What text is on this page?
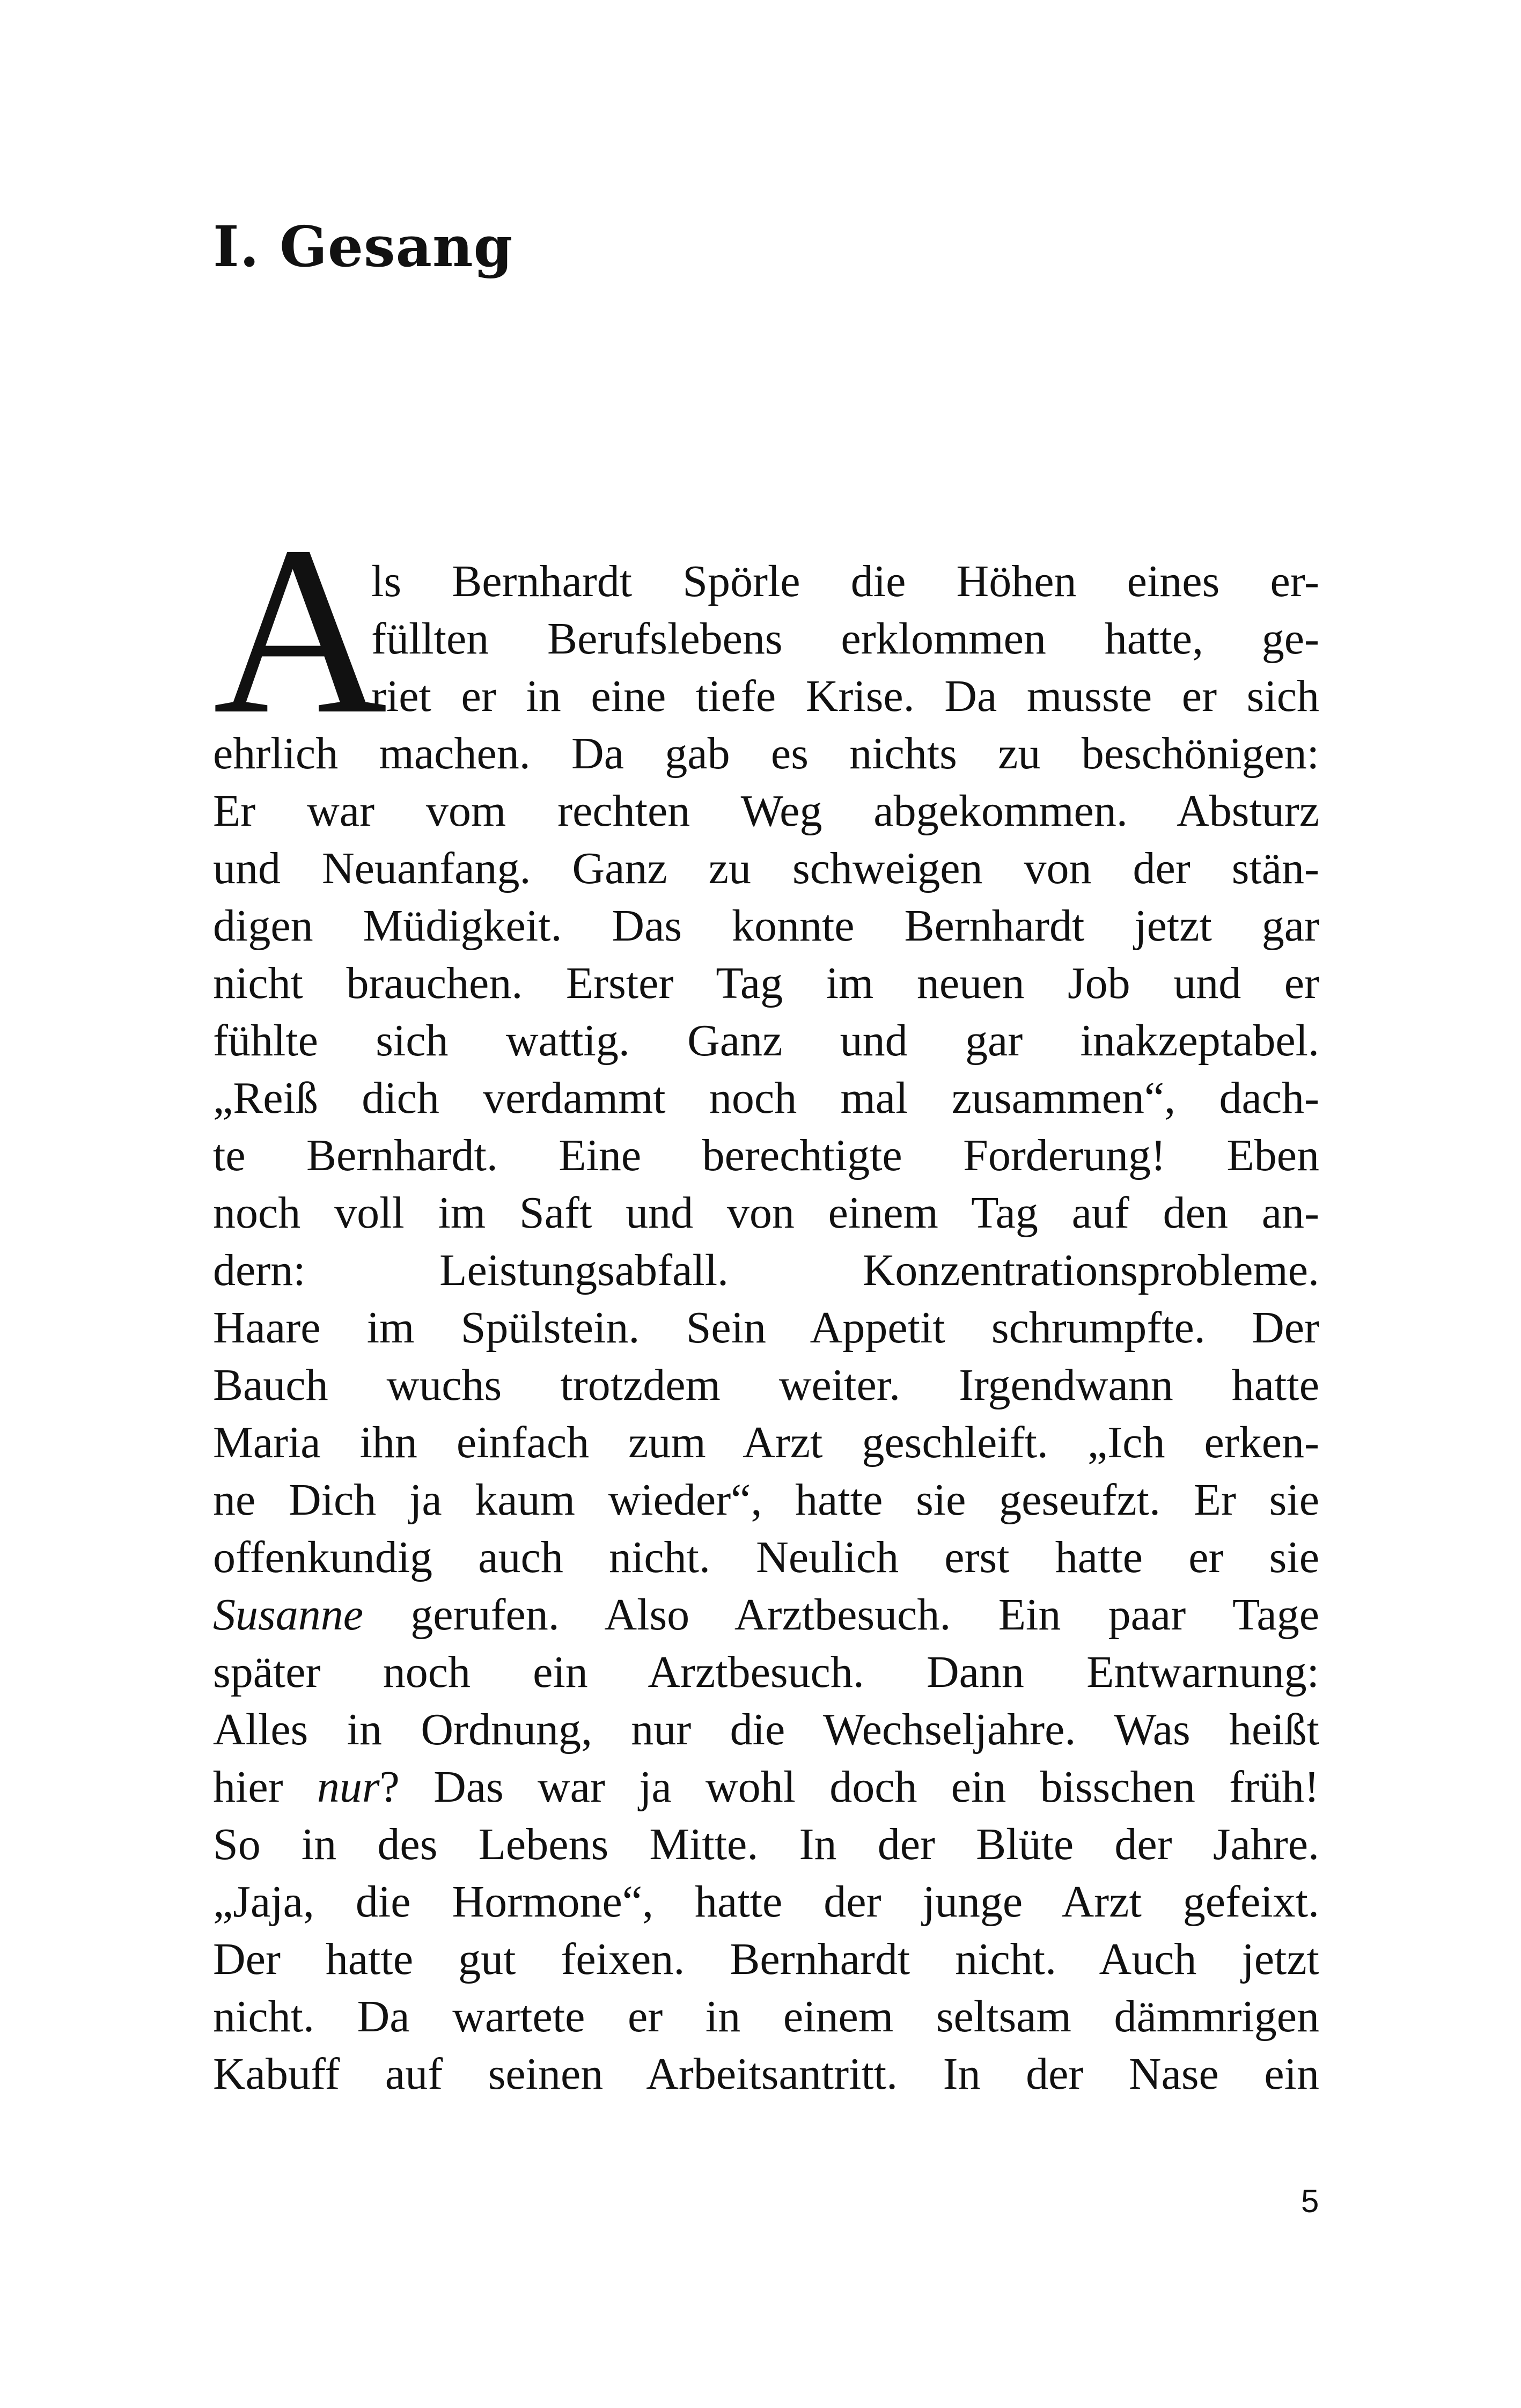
I. Gesang
A
ls Bernhardt Spörle die Höhen eines er-
füllten Berufslebens erklommen hatte, ge-
riet er in eine tiefe Krise. Da musste er sich
ehrlich machen. Da gab es nichts zu beschönigen:
Er war vom rechten Weg abgekommen. Absturz
und Neuanfang. Ganz zu schweigen von der stän-
digen Müdigkeit. Das konnte Bernhardt jetzt gar
nicht brauchen. Erster Tag im neuen Job und er
fühlte sich wattig. Ganz und gar inakzeptabel.
„Reiß dich verdammt noch mal zusammen“, dach-
te Bernhardt. Eine berechtigte Forderung! Eben
noch voll im Saft und von einem Tag auf den an-
dern: Leistungsabfall. Konzentrationsprobleme.
Haare im Spülstein. Sein Appetit schrumpfte. Der
Bauch wuchs trotzdem weiter. Irgendwann hatte
Maria ihn einfach zum Arzt geschleift. „Ich erken-
ne Dich ja kaum wieder“, hatte sie geseufzt. Er sie
offenkundig auch nicht. Neulich erst hatte er sie
Susanne gerufen. Also Arztbesuch. Ein paar Tage
später noch ein Arztbesuch. Dann Entwarnung:
Alles in Ordnung, nur die Wechseljahre. Was heißt
hier nur? Das war ja wohl doch ein bisschen früh!
So in des Lebens Mitte. In der Blüte der Jahre.
„Jaja, die Hormone“, hatte der junge Arzt gefeixt.
Der hatte gut feixen. Bernhardt nicht. Auch jetzt
nicht. Da wartete er in einem seltsam dämmrigen
Kabuff auf seinen Arbeitsantritt. In der Nase ein
5
